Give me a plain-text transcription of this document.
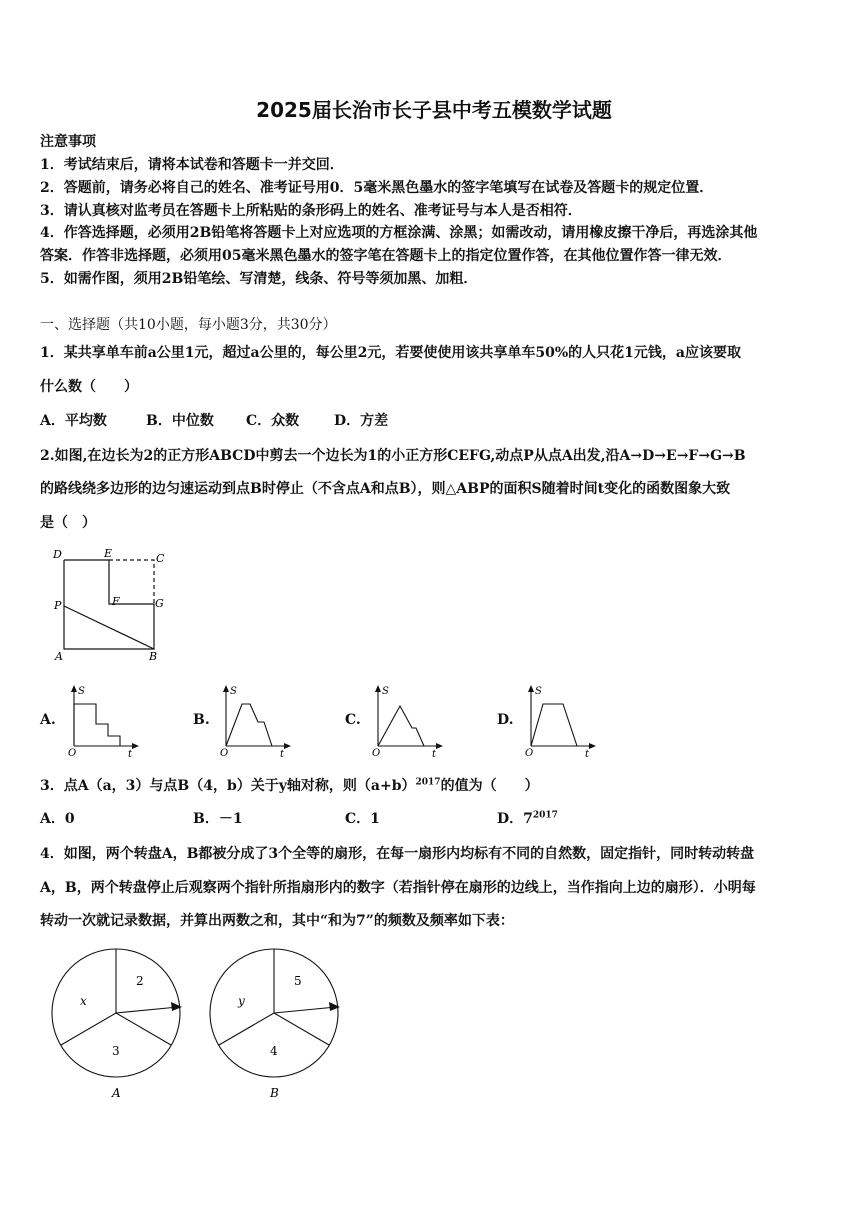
2025届长治市长子县中考五模数学试题
注意事项
1．考试结束后，请将本试卷和答题卡一并交回．
2．答题前，请务必将自己的姓名、准考证号用0．5毫米黑色墨水的签字笔填写在试卷及答题卡的规定位置．
3．请认真核对监考员在答题卡上所粘贴的条形码上的姓名、准考证号与本人是否相符．
4．作答选择题，必须用2B铅笔将答题卡上对应选项的方框涂满、涂黑；如需改动，请用橡皮擦干净后，再选涂其他
答案．作答非选择题，必须用05毫米黑色墨水的签字笔在答题卡上的指定位置作答，在其他位置作答一律无效．
5．如需作图，须用2B铅笔绘、写清楚，线条、符号等须加黑、加粗．
一、选择题（共10小题，每小题3分，共30分）
1．某共享单车前a公里1元，超过a公里的，每公里2元，若要使使用该共享单车50%的人只花1元钱，a应该要取
什么数（　　）
A．平均数	B．中位数 C．众数 D．方差
2.如图,在边长为2的正方形ABCD中剪去一个边长为1的小正方形CEFG,动点P从点A出发,沿A→D→E→F→G→B
的路线绕多边形的边匀速运动到点B时停止（不含点A和点B），则△ABP的面积S随着时间t变化的函数图象大致
是（　）
D	E	C
P	F	G
A	B
A.
S
O	t
B.
S
O	t
C.
S
O	t
D.
S
O	t
3．点A（a，3）与点B（4，b）关于y轴对称，则$(a+b)^{2017}$的值为（　　）
A．0	B．－1	C．1	D．$7^{2017}$
4．如图，两个转盘A，B都被分成了3个全等的扇形，在每一扇形内均标有不同的自然数，固定指针，同时转动转盘
A，B，两个转盘停止后观察两个指针所指扇形内的数字（若指针停在扇形的边线上，当作指向上边的扇形）．小明每
转动一次就记录数据，并算出两数之和，其中“和为7”的频数及频率如下表：
2
x
3
A
5
y
4
B
